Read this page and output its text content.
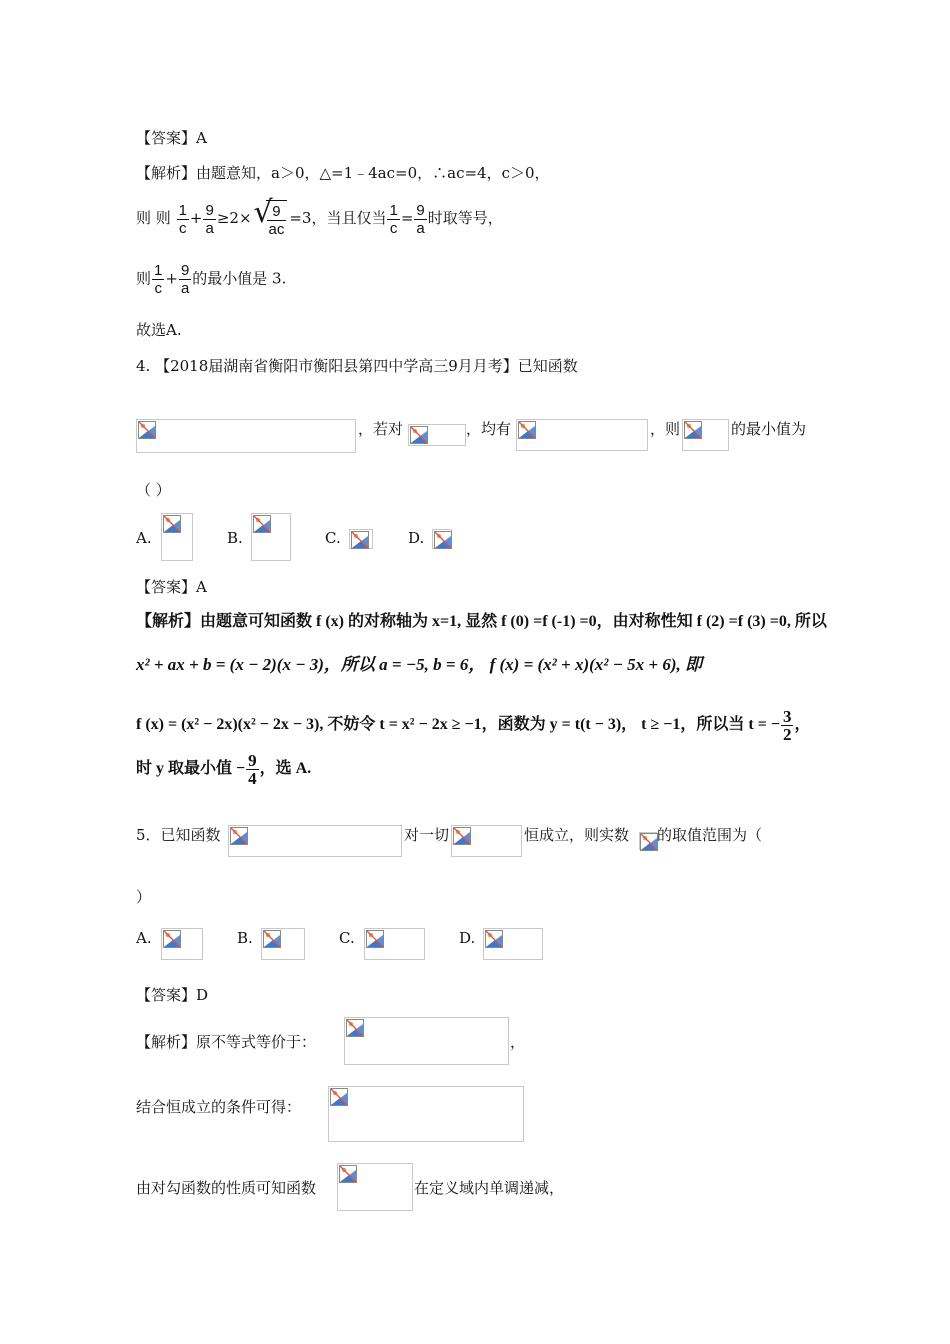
【答案】A
【解析】由题意知，a＞0，△=1﹣4ac=0，∴ac=4，c＞0，
则 则 $\frac{1}{c} + \frac{9}{a} \ge 2\times$ √
$\frac{9}{ac} =3$，当且仅当 $\frac{1}{c} = \frac{9}{a}$ 时取等号，
则 $\frac{1}{c} + \frac{9}{a}$ 的最小值是 3.
故选A.
4. 【2018届湖南省衡阳市衡阳县第四中学高三9月月考】已知函数
，若对	，均有	，则	的最小值为
（ ）
A.	B.	C.	D.
【答案】A
【解析】由题意可知函数 f (x) 的对称轴为 x=1, 显然 f (0) =f (-1) =0，由对称性知 f (2) =f (3) =0, 所以
x² + ax + b = (x − 2)(x − 3)，所以 a = −5, b = 6， f (x) = (x² + x)(x² − 5x + 6), 即
f (x) = (x² − 2x)(x² − 2x − 3), 不妨令 t = x² − 2x ≥ −1，函数为 y = t(t − 3)， t ≥ −1，所以当 t = − $\frac{3}{2}$ ，
时 y 取最小值 − $\frac{9}{4}$ ，选 A.
5．已知函数	对一切	恒成立，则实数 的取值范围为（
）
A.	B.	C.	D.
【答案】D
【解析】原不等式等价于：	，
结合恒成立的条件可得：
由对勾函数的性质可知函数	在定义域内单调递减，
